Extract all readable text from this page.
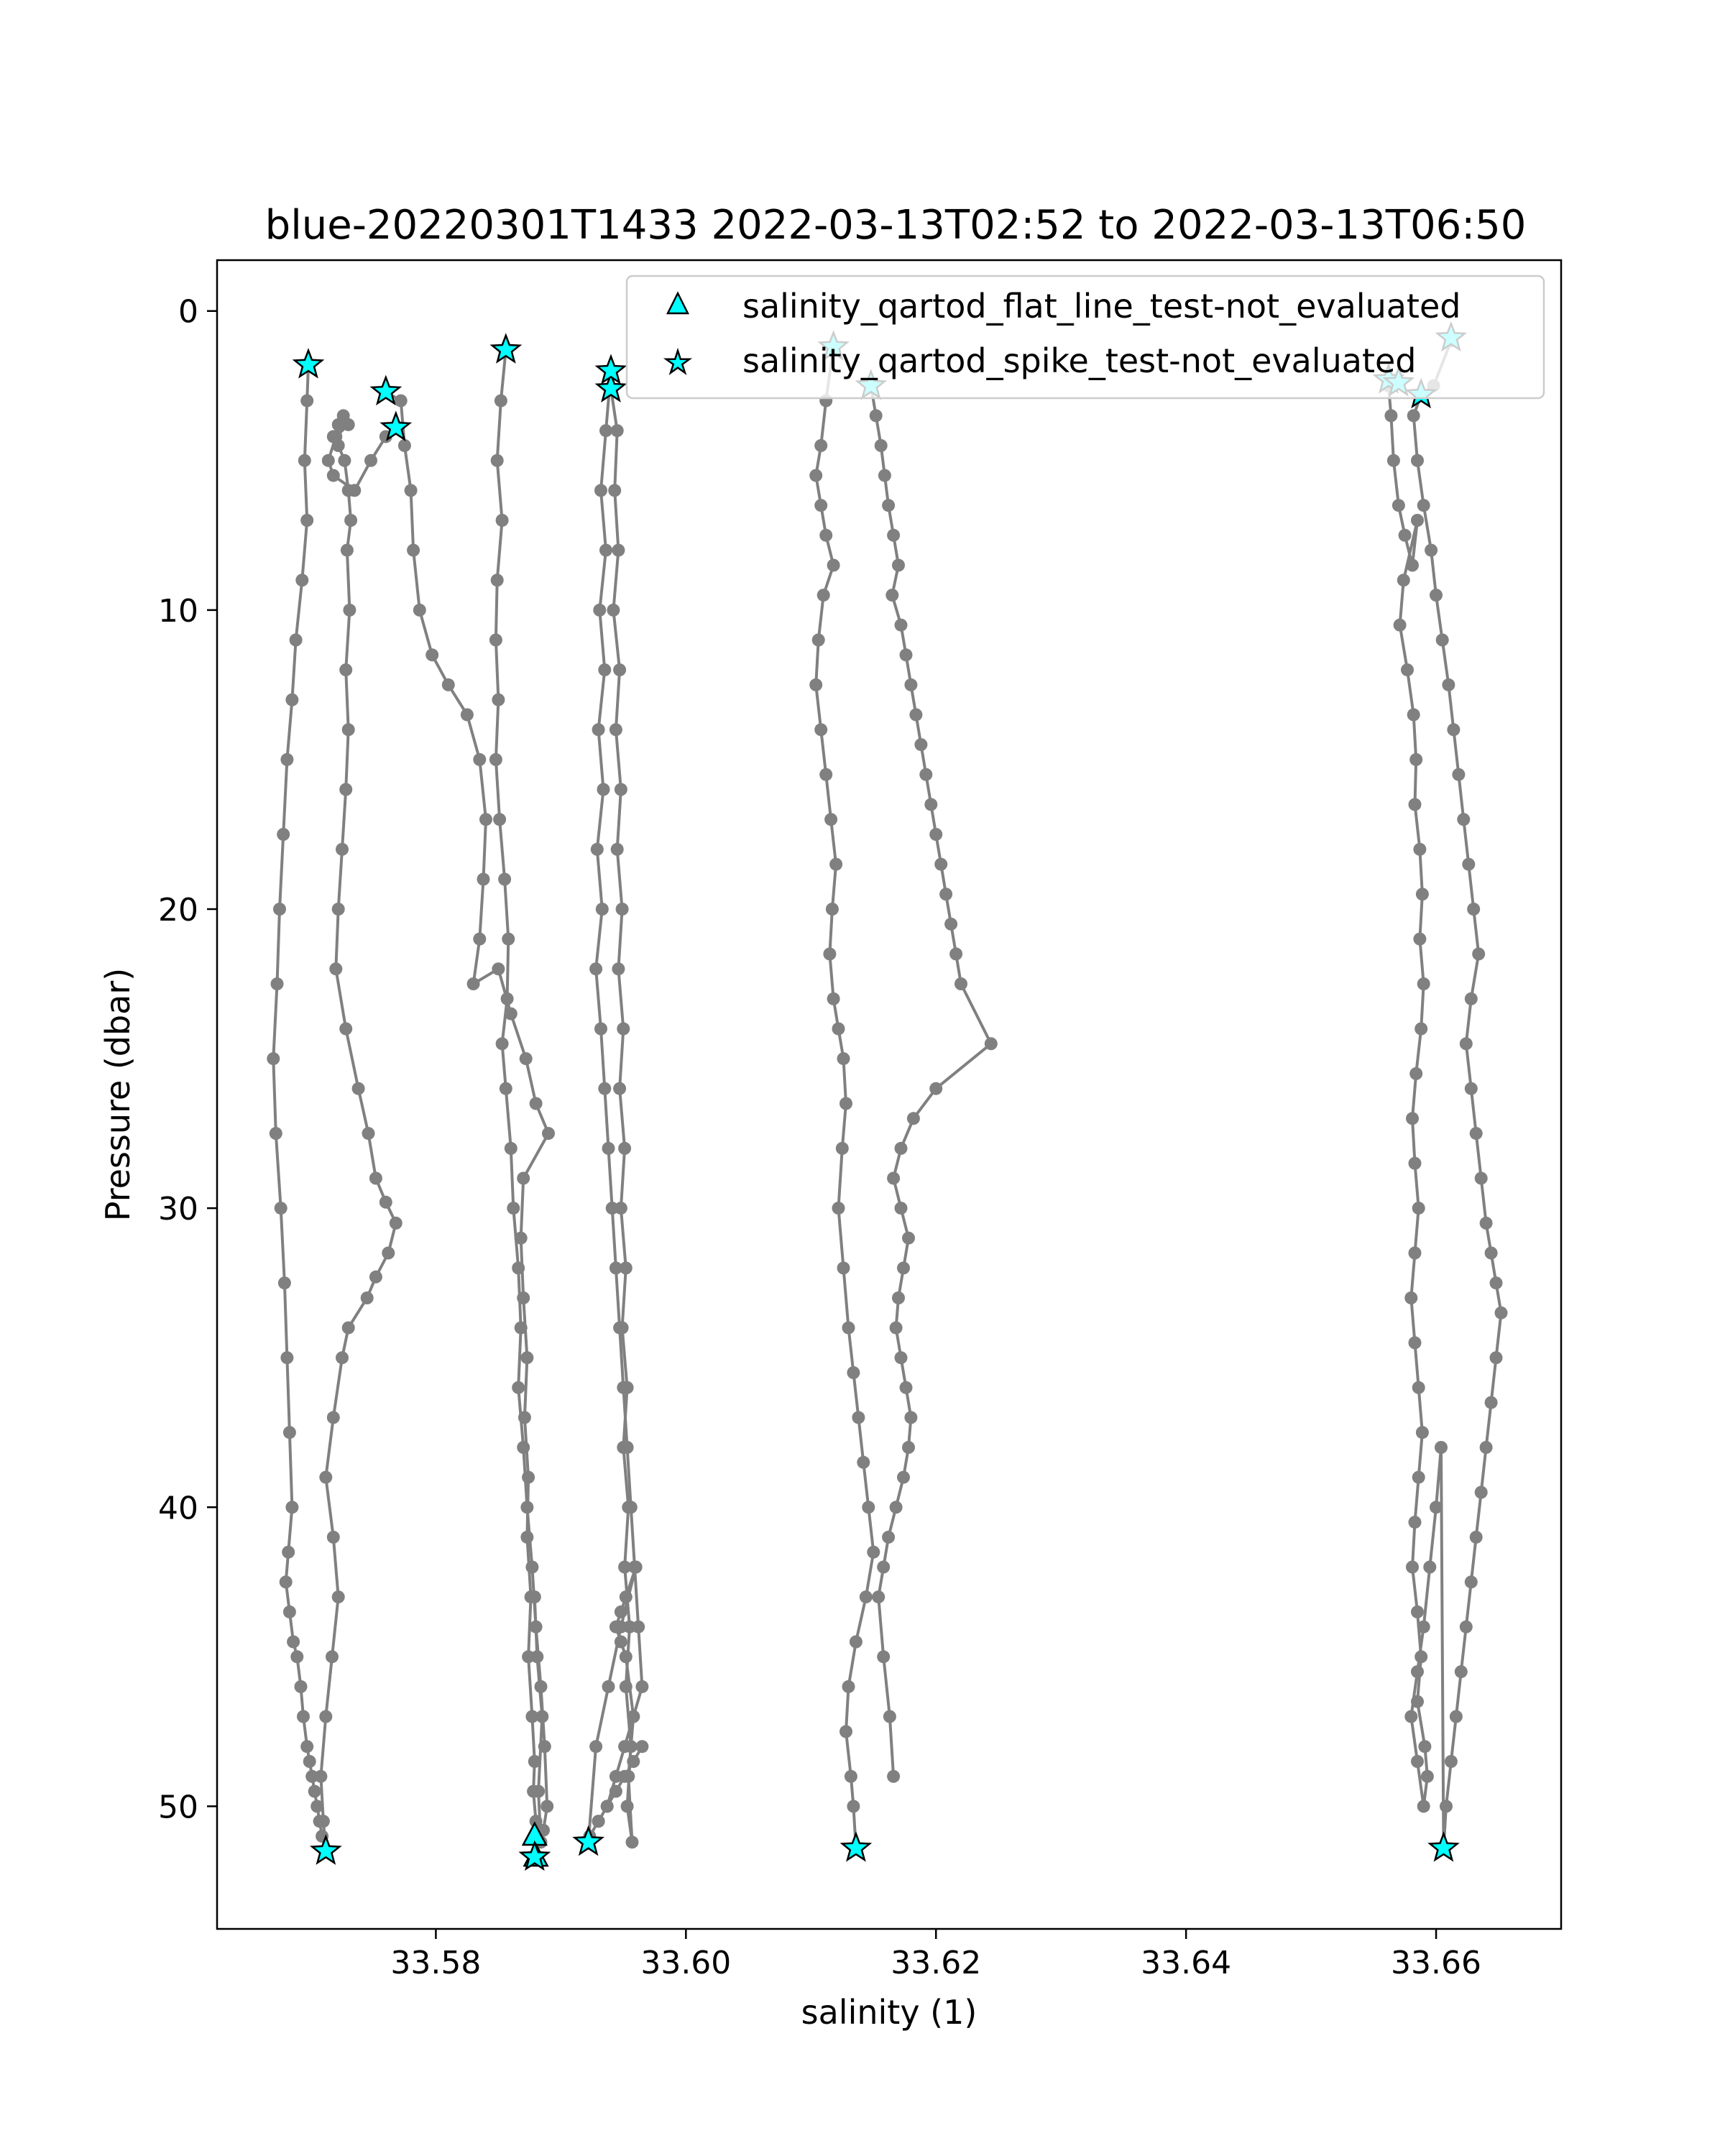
blue-20220301T1433 2022-03-13T02:52 to 2022-03-13T06:50
33.58	33.60	33.62	33.64	33.66
0
10
20
30
40
50
salinity (1)
Pressure (dbar)
salinity_qartod_flat_line_test-not_evaluated
salinity_qartod_spike_test-not_evaluated
